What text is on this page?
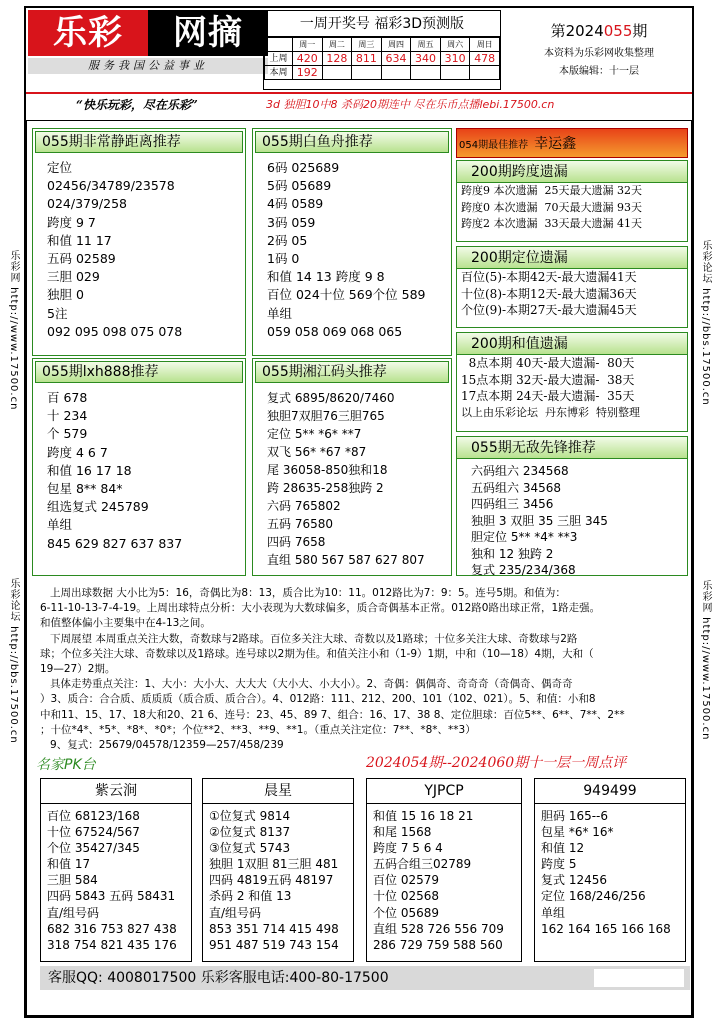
乐彩	网摘
服务我国公益事业
一周开奖号 福彩3D预测版
	周一	周二	周三	周四	周五	周六	周日
上周	420	128	811	634	340	310	478
本周	192						
第2024055期
本资料为乐彩网收集整理
本版编辑：十一层
“快乐玩彩，尽在乐彩”	3d 独胆10中8 杀码20期连中 尽在乐币点播lebi.17500.cn
055期非常静距离推荐
定位
02456/34789/23578
024/379/258
跨度 9 7
和值 11 17
五码 02589
三胆 029
独胆 0
5注
092 095 098 075 078
055期白鱼舟推荐
6码 025689
5码 05689
4码 0589
3码 059
2码 05
1码 0
和值 14 13 跨度 9 8
百位 024十位 569个位 589
单组
059 058 069 068 065
055期lxh888推荐
百 678
十 234
个 579
跨度 4 6 7
和值 16 17 18
包星 8** 84*
组选复式 245789
单组
845 629 827 637 837
055期湘江码头推荐
复式 6895/8620/7460
独胆7双胆76三胆765
定位 5** *6* **7
双飞 56* *67 *87
尾 36058-850独和18
跨 28635-258独跨 2
六码 765802
五码 76580
四码 7658
直组 580 567 587 627 807
054期最佳推荐 幸运鑫
200期跨度遗漏
跨度9 本次遗漏  25天最大遗漏 32天
跨度0 本次遗漏  70天最大遗漏 93天
跨度2 本次遗漏  33天最大遗漏 41天
200期定位遗漏
百位(5)-本期42天-最大遗漏41天
十位(8)-本期12天-最大遗漏36天
个位(9)-本期27天-最大遗漏45天
200期和值遗漏
8点本期 40天-最大遗漏-  80天
15点本期 32天-最大遗漏-  38天
17点本期 24天-最大遗漏-  35天
以上由乐彩论坛  丹东博彩  特别整理
055期无敌先锋推荐
六码组六 234568
五码组六 34568
四码组三 3456
独胆 3 双胆 35 三胆 345
胆定位 5** *4* **3
独和 12 独跨 2
复式 235/234/368
上周出球数据 大小比为5：16，奇偶比为8：13，质合比为10：11。012路比为7：9：5。连号5期。和值为：
6-11-10-13-7-4-19。上周出球特点分析：大小表现为大数球偏多，质合奇偶基本正常。012路0路出球正常，1路走强。
和值整体偏小主要集中在4-13之间。
下周展望 本周重点关注大数，奇数球与2路球。百位多关注大球、奇数以及1路球；十位多关注大球、奇数球与2路
球；个位多关注大球、奇数球以及1路球。连号球以2期为佳。和值关注小和（1-9）1期，中和（10—18）4期，大和（
19—27）2期。
具体走势重点关注：1、大小：大小大、大大大（大小大、小大小）。2、奇偶：偶偶奇、奇奇奇（奇偶奇、偶奇奇
）3、质合：合合质、质质质（质合质、质合合）。4、012路：111、212、200、101（102、021）。5、和值：小和8
中和11、15、17、18大和20、21 6、连号：23、45、89 7、组合：16、17、38 8、定位胆球：百位5**、6**、7**、2**
；十位*4*、*5*、*8*、*0*；个位**2、**3、**9、**1。（重点关注定位：7**、*8*、**3）
9、复式：25679/04578/12359—257/458/239
名家PK台	2024054期--2024060期十一层一周点评
紫云涧
百位 68123/168
十位 67524/567
个位 35427/345
和值 17
三胆 584
四码 5843 五码 58431
直/组号码
682 316 753 827 438
318 754 821 435 176
晨星
①位复式 9814
②位复式 8137
③位复式 5743
独胆 1双胆 81三胆 481
四码 4819五码 48197
杀码 2 和值 13
直/组号码
853 351 714 415 498
951 487 519 743 154
YJPCP
和值 15 16 18 21
和尾 1568
跨度 7 5 6 4
五码合组三02789
百位 02579
十位 02568
个位 05689
直组 528 726 556 709
286 729 759 588 560
949499
胆码 165--6
包星 *6* 16*
和值 12
跨度 5
复式 12456
定位 168/246/256
单组
162 164 165 166 168
客服QQ: 4008017500 乐彩客服电话:400-80-17500
乐彩网 http://www.17500.cn
乐彩论坛 http://bbs.17500.cn
乐彩论坛 http://bbs.17500.cn
乐彩网 http://www.17500.cn
